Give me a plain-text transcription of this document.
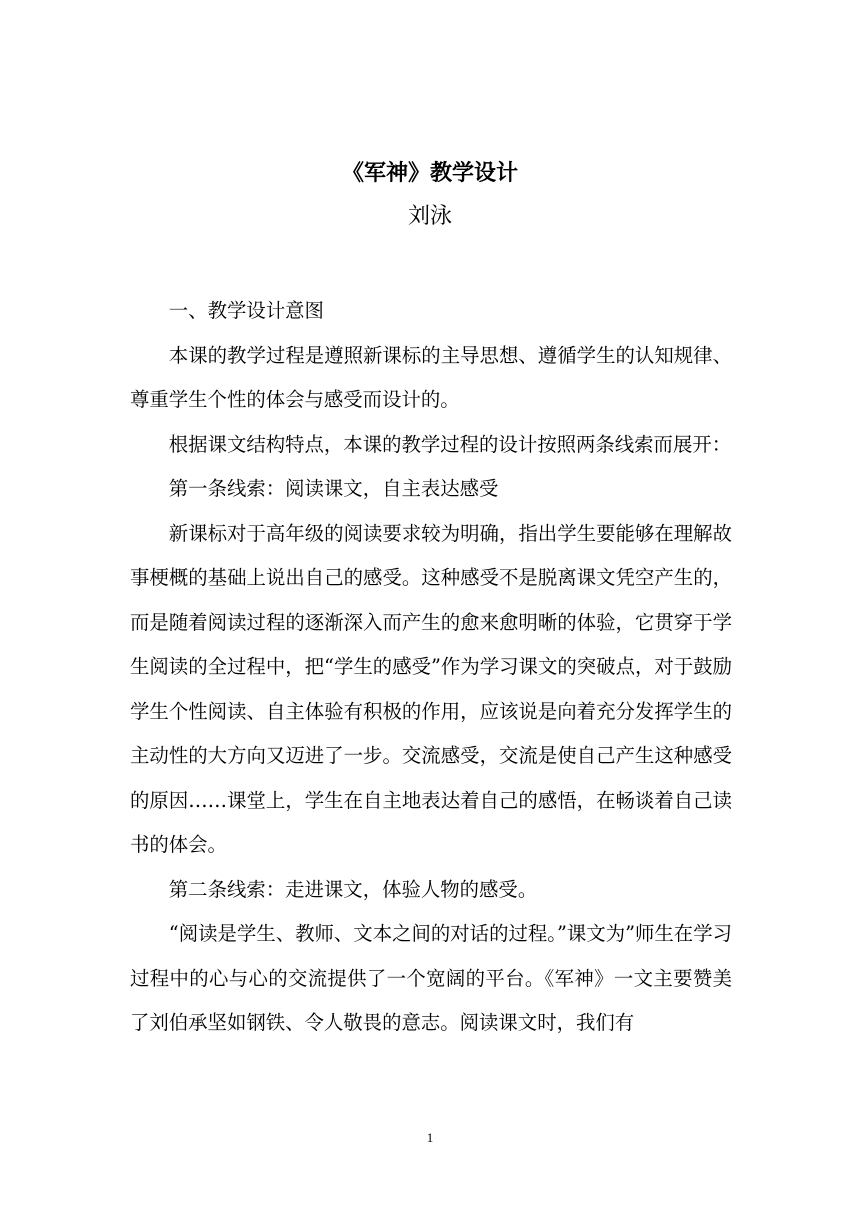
《军神》教学设计
刘泳

一、教学设计意图

本课的教学过程是遵照新课标的主导思想、遵循学生的认知规律、尊重学生个性的体会与感受而设计的。

根据课文结构特点，本课的教学过程的设计按照两条线索而展开：

第一条线索：阅读课文，自主表达感受

新课标对于高年级的阅读要求较为明确，指出学生要能够在理解故事梗概的基础上说出自己的感受。这种感受不是脱离课文凭空产生的，而是随着阅读过程的逐渐深入而产生的愈来愈明晰的体验，它贯穿于学生阅读的全过程中，把“学生的感受”作为学习课文的突破点，对于鼓励学生个性阅读、自主体验有积极的作用，应该说是向着充分发挥学生的主动性的大方向又迈进了一步。交流感受，交流是使自己产生这种感受的原因……课堂上，学生在自主地表达着自己的感悟，在畅谈着自己读书的体会。

第二条线索：走进课文，体验人物的感受。

“阅读是学生、教师、文本之间的对话的过程。”课文为”师生在学习过程中的心与心的交流提供了一个宽阔的平台。《军神》一文主要赞美了刘伯承坚如钢铁、令人敬畏的意志。阅读课文时，我们有

1
